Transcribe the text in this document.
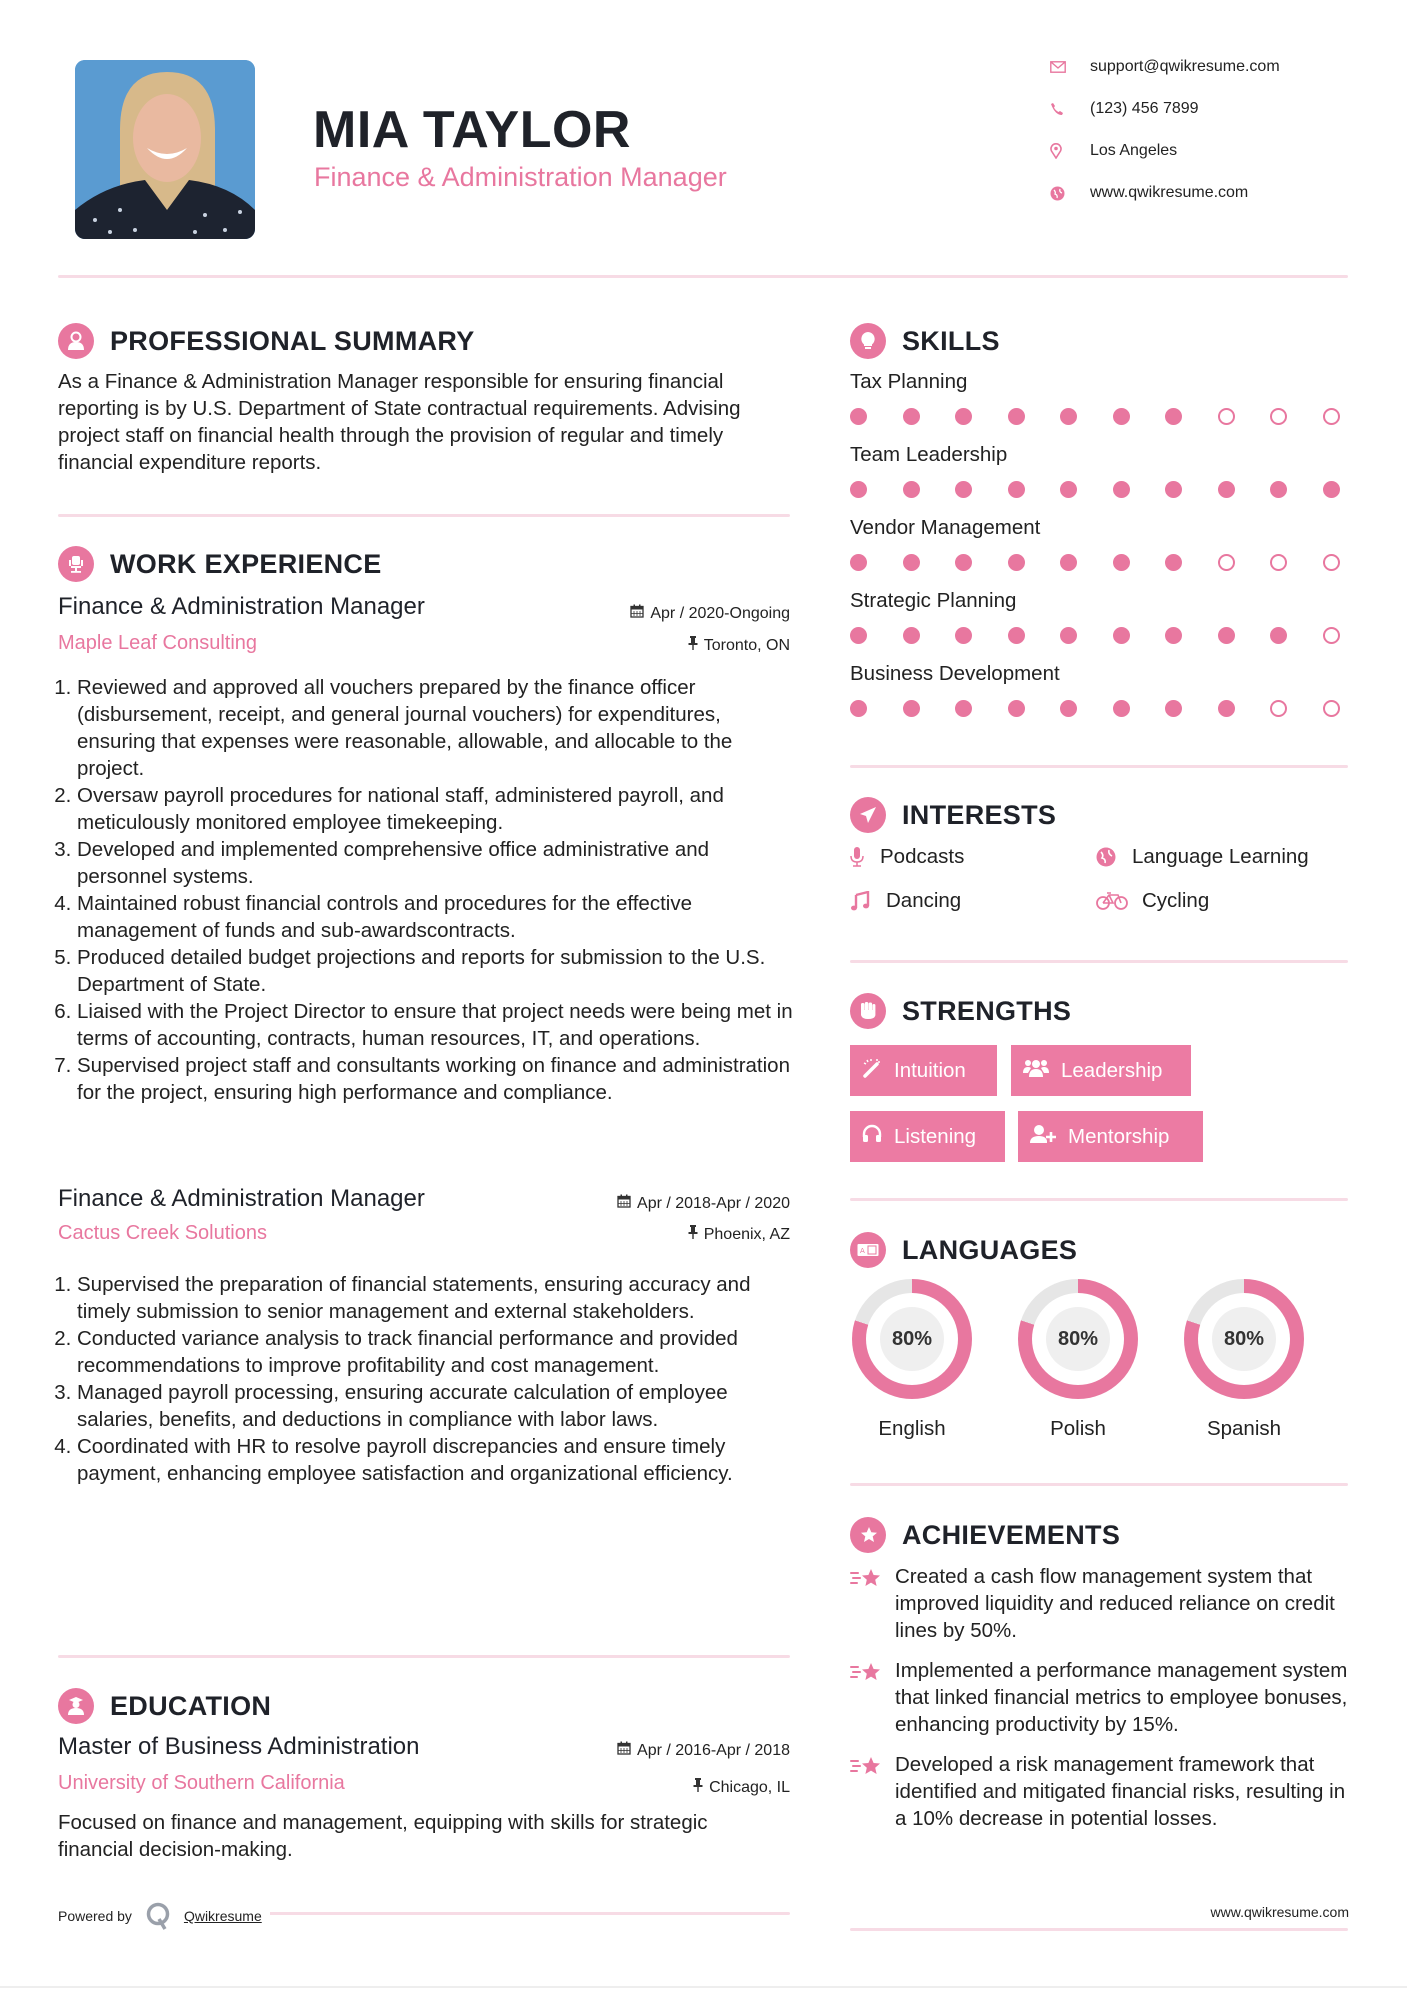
MIA TAYLOR
Finance & Administration Manager
support@qwikresume.com
(123) 456 7899
Los Angeles
www.qwikresume.com
PROFESSIONAL SUMMARY
As a Finance & Administration Manager responsible for ensuring financial reporting is by U.S. Department of State contractual requirements. Advising project staff on financial health through the provision of regular and timely financial expenditure reports.
WORK EXPERIENCE
Finance & Administration Manager	Apr / 2020-Ongoing
Maple Leaf Consulting	Toronto, ON
1. Reviewed and approved all vouchers prepared by the finance officer (disbursement, receipt, and general journal vouchers) for expenditures, ensuring that expenses were reasonable, allowable, and allocable to the project.
2. Oversaw payroll procedures for national staff, administered payroll, and meticulously monitored employee timekeeping.
3. Developed and implemented comprehensive office administrative and personnel systems.
4. Maintained robust financial controls and procedures for the effective management of funds and sub-awardscontracts.
5. Produced detailed budget projections and reports for submission to the U.S. Department of State.
6. Liaised with the Project Director to ensure that project needs were being met in terms of accounting, contracts, human resources, IT, and operations.
7. Supervised project staff and consultants working on finance and administration for the project, ensuring high performance and compliance.
Finance & Administration Manager	Apr / 2018-Apr / 2020
Cactus Creek Solutions	Phoenix, AZ
1. Supervised the preparation of financial statements, ensuring accuracy and timely submission to senior management and external stakeholders.
2. Conducted variance analysis to track financial performance and provided recommendations to improve profitability and cost management.
3. Managed payroll processing, ensuring accurate calculation of employee salaries, benefits, and deductions in compliance with labor laws.
4. Coordinated with HR to resolve payroll discrepancies and ensure timely payment, enhancing employee satisfaction and organizational efficiency.
EDUCATION
Master of Business Administration	Apr / 2016-Apr / 2018
University of Southern California	Chicago, IL
Focused on finance and management, equipping with skills for strategic financial decision-making.
Powered by	Qwikresume
SKILLS
Tax Planning
Team Leadership
Vendor Management
Strategic Planning
Business Development
INTERESTS
Podcasts	Language Learning
Dancing	Cycling
STRENGTHS
Intuition	Leadership
Listening	Mentorship
A LANGUAGES
80%
English
80%
Polish
80%
Spanish
ACHIEVEMENTS
Created a cash flow management system that improved liquidity and reduced reliance on credit lines by 50%.
Implemented a performance management system that linked financial metrics to employee bonuses, enhancing productivity by 15%.
Developed a risk management framework that identified and mitigated financial risks, resulting in a 10% decrease in potential losses.
www.qwikresume.com
